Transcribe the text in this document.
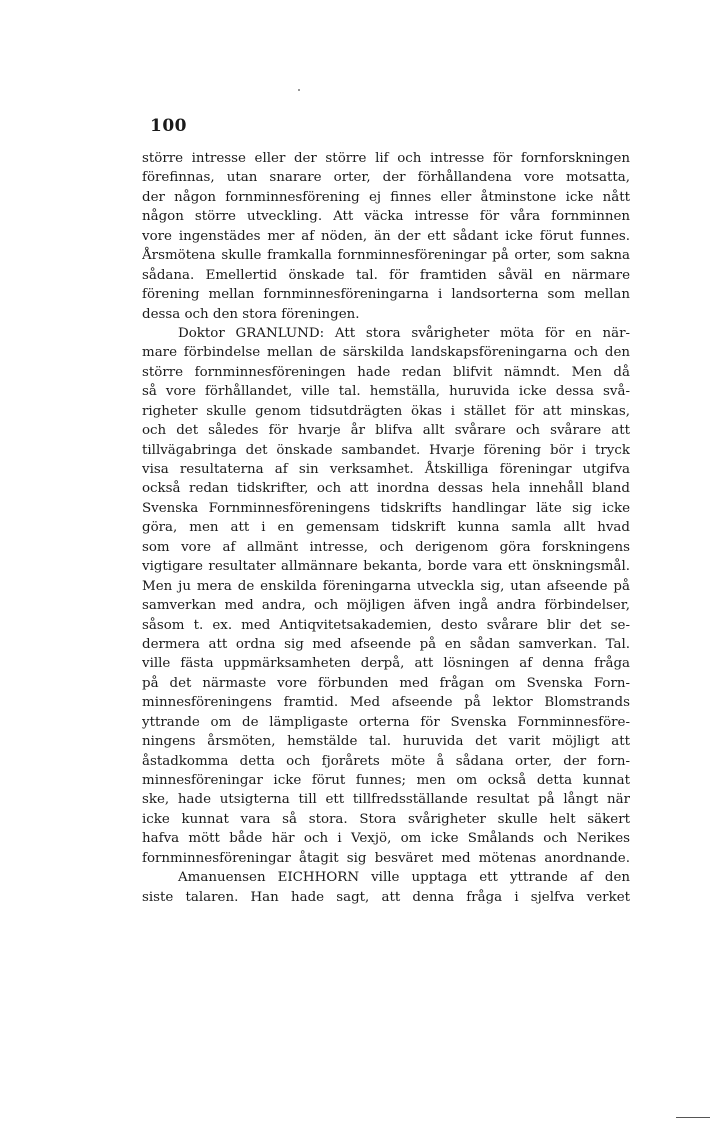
100
större intresse eller der större lif och intresse för fornforskningen
förefinnas, utan snarare orter, der förhållandena vore motsatta,
der någon fornminnesförening ej finnes eller åtminstone icke nått
någon större utveckling. Att väcka intresse för våra fornminnen
vore ingenstädes mer af nöden, än der ett sådant icke förut funnes.
Årsmötena skulle framkalla fornminnesföreningar på orter, som sakna
sådana. Emellertid önskade tal. för framtiden såväl en närmare
förening mellan fornminnesföreningarna i landsorterna som mellan
dessa och den stora föreningen.
Doktor GRANLUND: Att stora svårigheter möta för en när-
mare förbindelse mellan de särskilda landskapsföreningarna och den
större fornminnesföreningen hade redan blifvit nämndt. Men då
så vore förhållandet, ville tal. hemställa, huruvida icke dessa svå-
righeter skulle genom tidsutdrägten ökas i stället för att minskas,
och det således för hvarje år blifva allt svårare och svårare att
tillvägabringa det önskade sambandet. Hvarje förening bör i tryck
visa resultaterna af sin verksamhet. Åtskilliga föreningar utgifva
också redan tidskrifter, och att inordna dessas hela innehåll bland
Svenska Fornminnesföreningens tidskrifts handlingar läte sig icke
göra, men att i en gemensam tidskrift kunna samla allt hvad
som vore af allmänt intresse, och derigenom göra forskningens
vigtigare resultater allmännare bekanta, borde vara ett önskningsmål.
Men ju mera de enskilda föreningarna utveckla sig, utan afseende på
samverkan med andra, och möjligen äfven ingå andra förbindelser,
såsom t. ex. med Antiqvitetsakademien, desto svårare blir det se-
dermera att ordna sig med afseende på en sådan samverkan. Tal.
ville fästa uppmärksamheten derpå, att lösningen af denna fråga
på det närmaste vore förbunden med frågan om Svenska Forn-
minnesföreningens framtid. Med afseende på lektor Blomstrands
yttrande om de lämpligaste orterna för Svenska Fornminnesföre-
ningens årsmöten, hemstälde tal. huruvida det varit möjligt att
åstadkomma detta och fjorårets möte å sådana orter, der forn-
minnesföreningar icke förut funnes; men om också detta kunnat
ske, hade utsigterna till ett tillfredsställande resultat på långt när
icke kunnat vara så stora. Stora svårigheter skulle helt säkert
hafva mött både här och i Vexjö, om icke Smålands och Nerikes
fornminnesföreningar åtagit sig besväret med mötenas anordnande.
Amanuensen EICHHORN ville upptaga ett yttrande af den
siste talaren. Han hade sagt, att denna fråga i sjelfva verket
